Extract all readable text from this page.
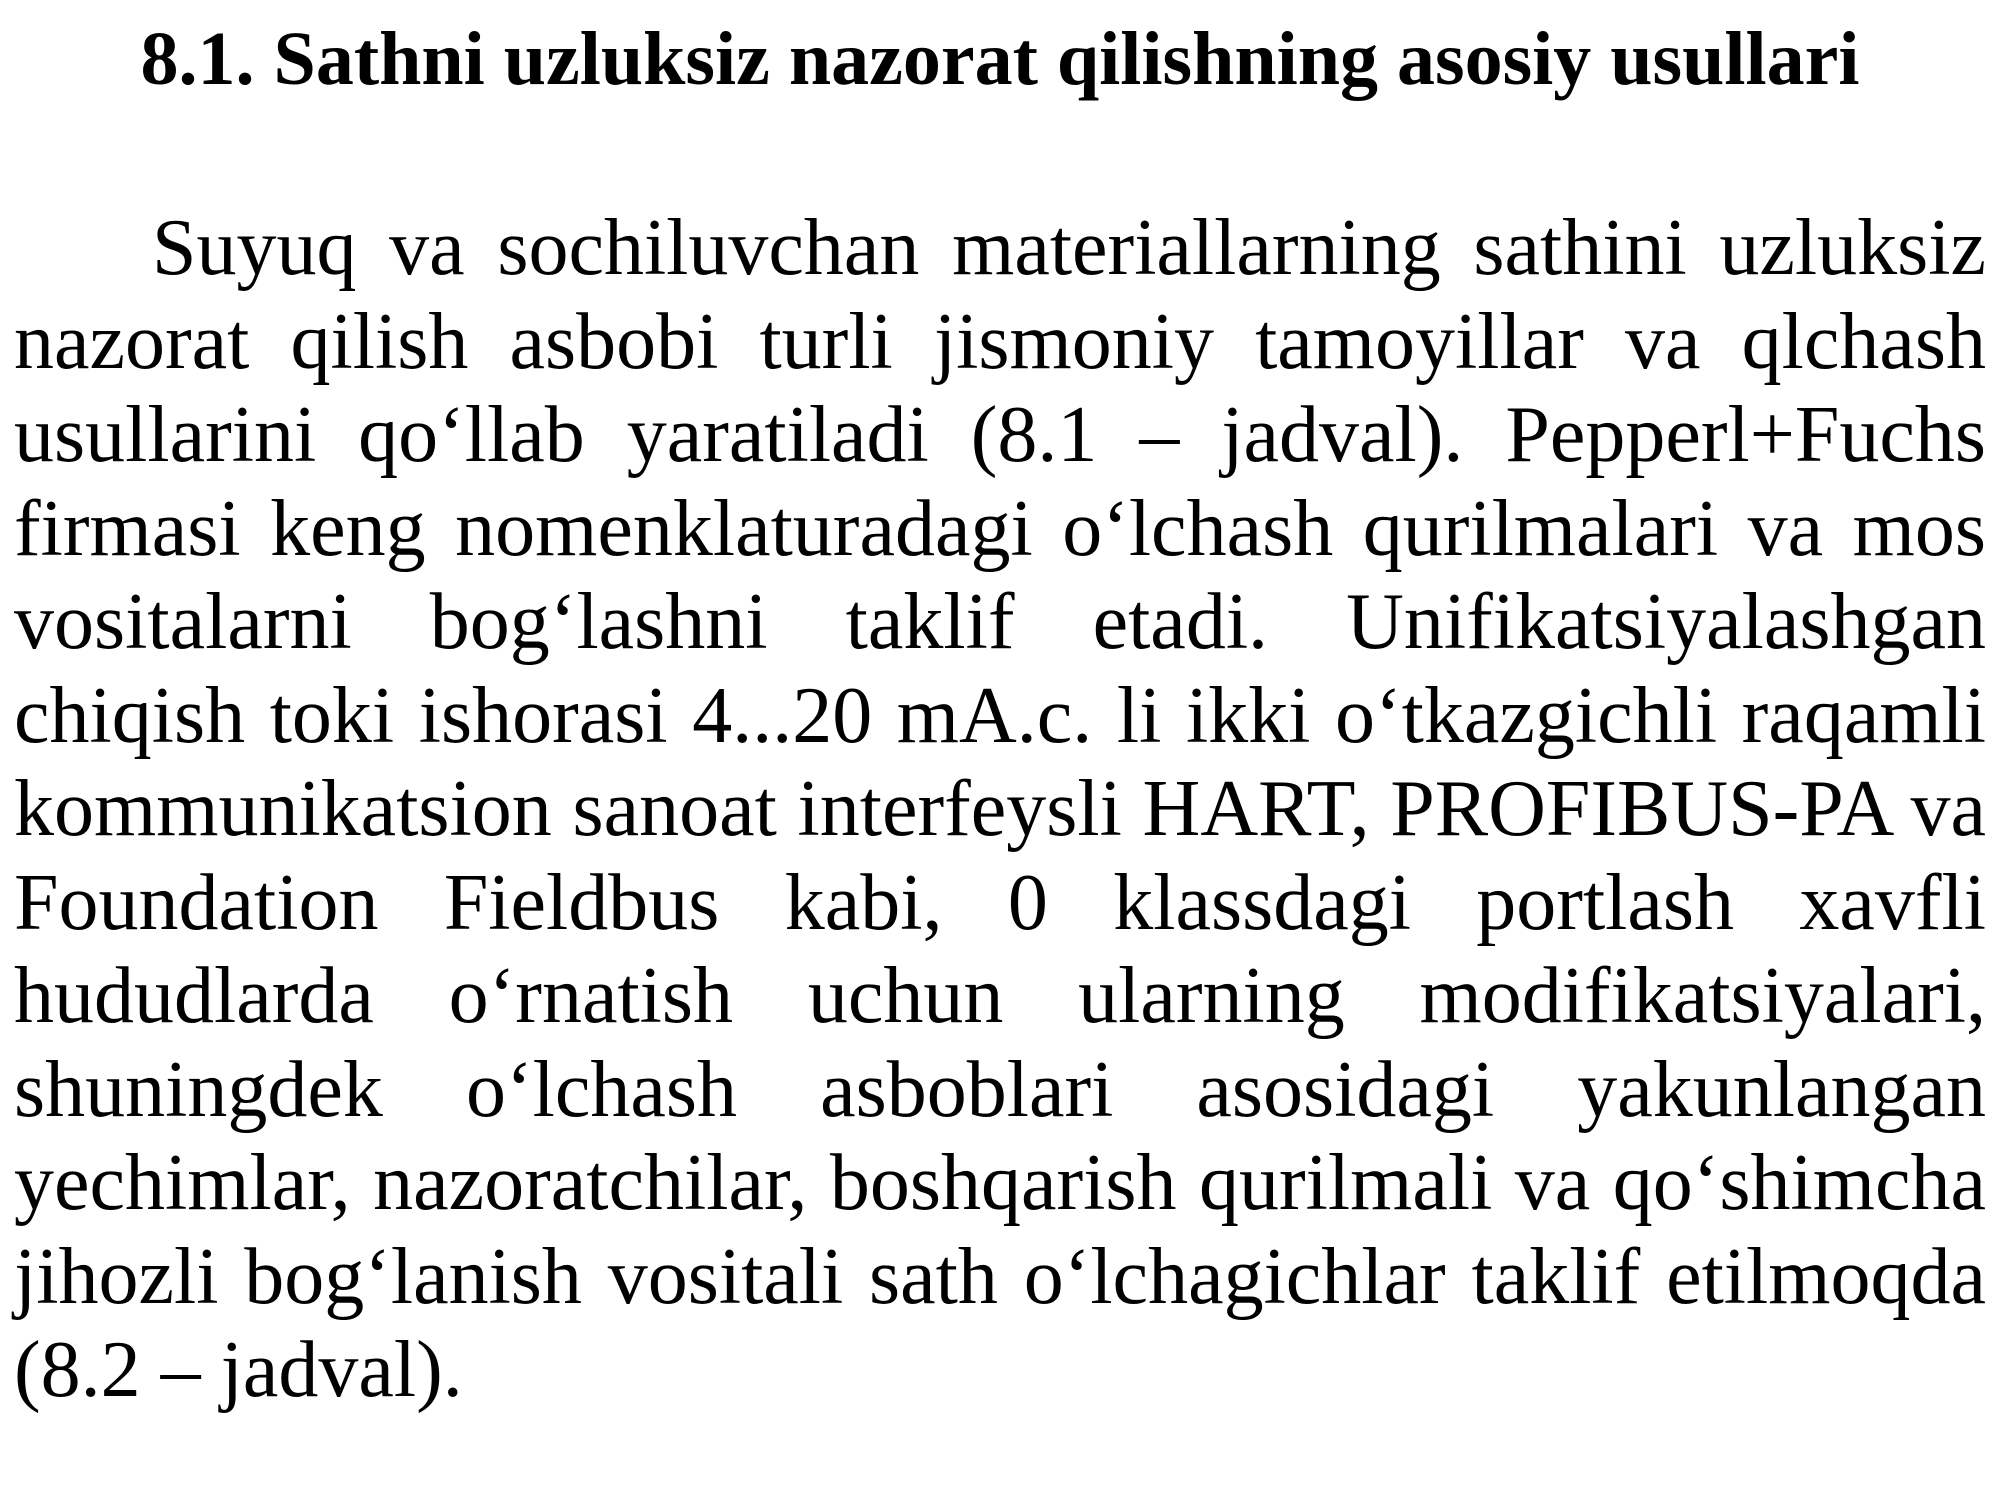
8.1. Sathni uzluksiz nazorat qilishning asosiy usullari

Suyuq va sochiluvchan materiallarning sathini uzluksiz nazorat qilish asbobi turli jismoniy tamoyillar va qlchash usullarini qo‘llab yaratiladi (8.1 – jadval). Pepperl+Fuchs firmasi keng nomenklaturadagi o‘lchash qurilmalari va mos vositalarni bog‘lashni taklif etadi. Unifikatsiyalashgan chiqish toki ishorasi 4...20 mA.c. li ikki o‘tkazgichli raqamli kommunikatsion sanoat interfeysli HART, PROFIBUS-PA va Foundation Fieldbus kabi, 0 klassdagi portlash xavfli hududlarda o‘rnatish uchun ularning modifikatsiyalari, shuningdek o‘lchash asboblari asosidagi yakunlangan yechimlar, nazoratchilar, boshqarish qurilmali va qo‘shimcha jihozli bog‘lanish vositali sath o‘lchagichlar taklif etilmoqda (8.2 – jadval).
